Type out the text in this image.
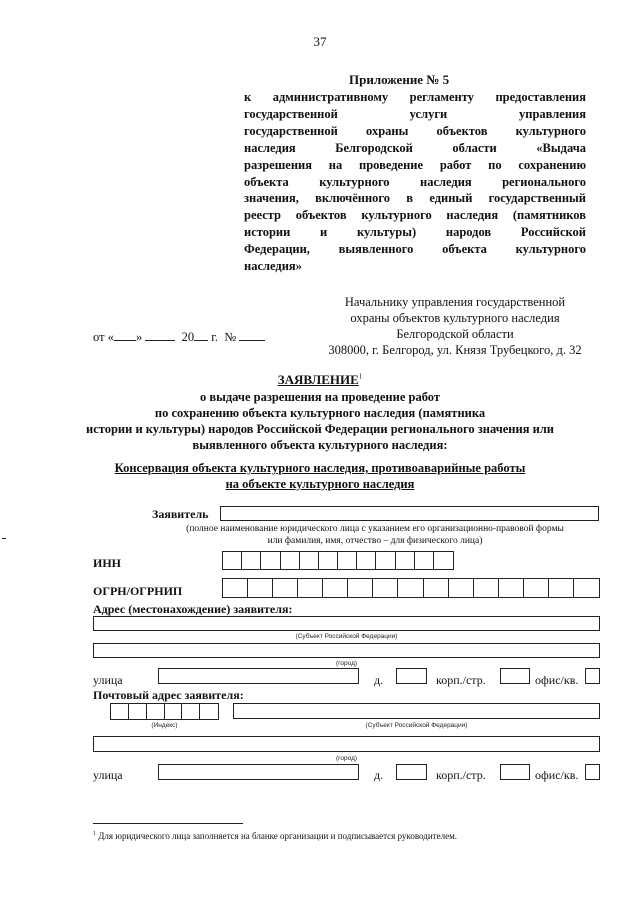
37
Приложение № 5
к административному регламенту предоставления
государственной услуги управления
государственной охраны объектов культурного
наследия Белгородской области «Выдача
разрешения на проведение работ по сохранению
объекта культурного наследия регионального
значения, включённого в единый государственный
реестр объектов культурного наследия (памятников
истории и культуры) народов Российской
Федерации, выявленного объекта культурного
наследия»
Начальнику управления государственной
охраны объектов культурного наследия
Белгородской области
308000, г. Белгород, ул. Князя Трубецкого, д. 32
от « »	20 г. №
ЗАЯВЛЕНИЕ$^1$
о выдаче разрешения на проведение работ
по сохранению объекта культурного наследия (памятника
истории и культуры) народов Российской Федерации регионального значения или
выявленного объекта культурного наследия:
Консервация объекта культурного наследия, противоаварийные работы
на объекте культурного наследия
Заявитель
(полное наименование юридического лица с указанием его организационно-правовой формы
или фамилия, имя, отчество – для физического лица)
ИНН
ОГРН/ОГРНИП
Адрес (местонахождение) заявителя:
(Субъект Российской Федерации)
(город)
улица	д.	корп./стр.	офис/кв.
Почтовый адрес заявителя:
(Индекс)	(Субъект Российской Федерации)
(город)
улица	д.	корп./стр.	офис/кв.
$^1$ Для юридического лица заполняется на бланке организации и подписывается руководителем.
